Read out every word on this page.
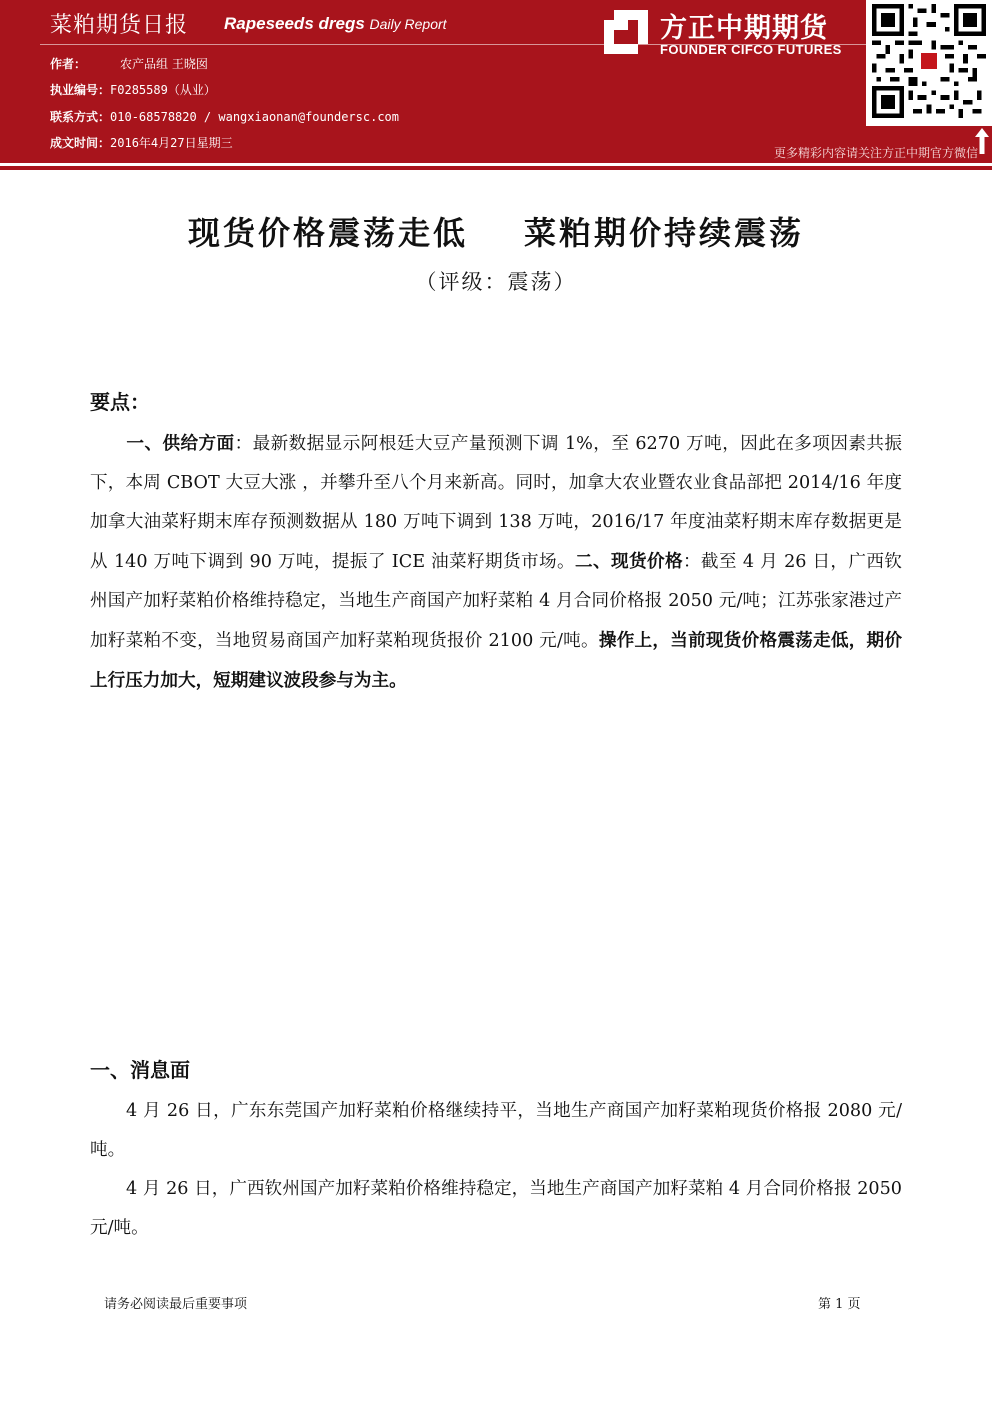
菜粕期货日报 Rapeseeds dregs Daily Report
作者：	农产品组 王晓囡
执业编号：F0285589（从业）
联系方式：010-68578820 / wangxiaonan@foundersc.com
成文时间：2016年4月27日星期三
方正中期期货
FOUNDER CIFCO FUTURES
更多精彩内容请关注方正中期官方微信
现货价格震荡走低 菜粕期价持续震荡
（评级：震荡）
要点：
一、供给方面：最新数据显示阿根廷大豆产量预测下调 1%，至 6270 万吨，因此在多项因素共振下，本周 CBOT 大豆大涨 ，并攀升至八个月来新高。同时，加拿大农业暨农业食品部把 2014/16 年度加拿大油菜籽期末库存预测数据从 180 万吨下调到 138 万吨，2016/17 年度油菜籽期末库存数据更是从 140 万吨下调到 90 万吨，提振了 ICE 油菜籽期货市场。二、现货价格：截至 4 月 26 日，广西钦州国产加籽菜粕价格维持稳定，当地生产商国产加籽菜粕 4 月合同价格报 2050 元/吨；江苏张家港过产加籽菜粕不变，当地贸易商国产加籽菜粕现货报价 2100 元/吨。操作上，当前现货价格震荡走低，期价上行压力加大，短期建议波段参与为主。
一、消息面
4 月 26 日，广东东莞国产加籽菜粕价格继续持平，当地生产商国产加籽菜粕现货价格报 2080 元/吨。
4 月 26 日，广西钦州国产加籽菜粕价格维持稳定，当地生产商国产加籽菜粕 4 月合同价格报 2050 元/吨。
请务必阅读最后重要事项	第 1 页
